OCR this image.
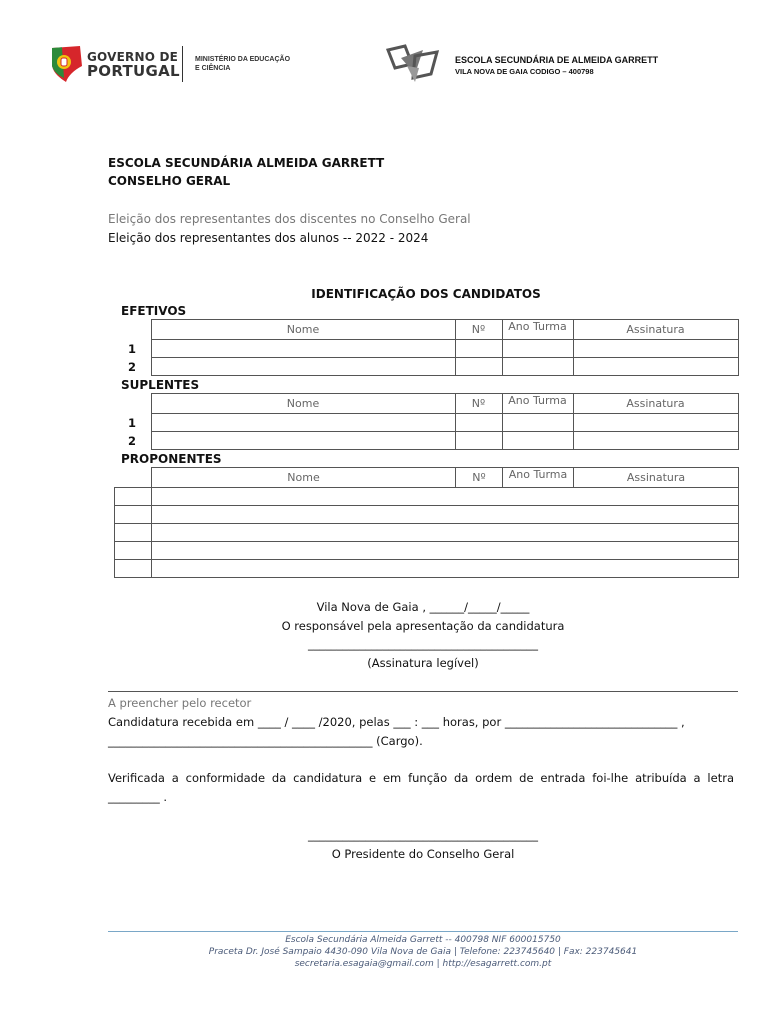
GOVERNO DE
PORTUGAL
MINISTÉRIO DA EDUCAÇÃO
E CIÊNCIA
ESCOLA SECUNDÁRIA DE ALMEIDA GARRETT
VILA NOVA DE GAIA CODIGO – 400798
ESCOLA SECUNDÁRIA ALMEIDA GARRETT
CONSELHO GERAL
Eleição dos representantes dos discentes no Conselho Geral
Eleição dos representantes dos alunos -- 2022 - 2024
IDENTIFICAÇÃO DOS CANDIDATOS
EFETIVOS
	Nome	Nº	Ano Turma	Assinatura
1				
2				
SUPLENTES
	Nome	Nº	Ano Turma	Assinatura
1				
2				
PROPONENTES
	Nome	Nº	Ano Turma	Assinatura

Vila Nova de Gaia , ______/_____/_____
O responsável pela apresentação da candidatura
________________________________________
(Assinatura legível)
A preencher pelo recetor
Candidatura recebida em ____ / ____ /2020, pelas ___ : ___ horas, por ______________________________ ,
______________________________________________ (Cargo).
Verificada a conformidade da candidatura e em função da ordem de entrada foi-lhe atribuída a letra
_________ .
________________________________________
O Presidente do Conselho Geral
Escola Secundária Almeida Garrett -- 400798 NIF 600015750
Praceta Dr. José Sampaio 4430-090 Vila Nova de Gaia | Telefone: 223745640 | Fax: 223745641
secretaria.esagaia@gmail.com | http://esagarrett.com.pt
